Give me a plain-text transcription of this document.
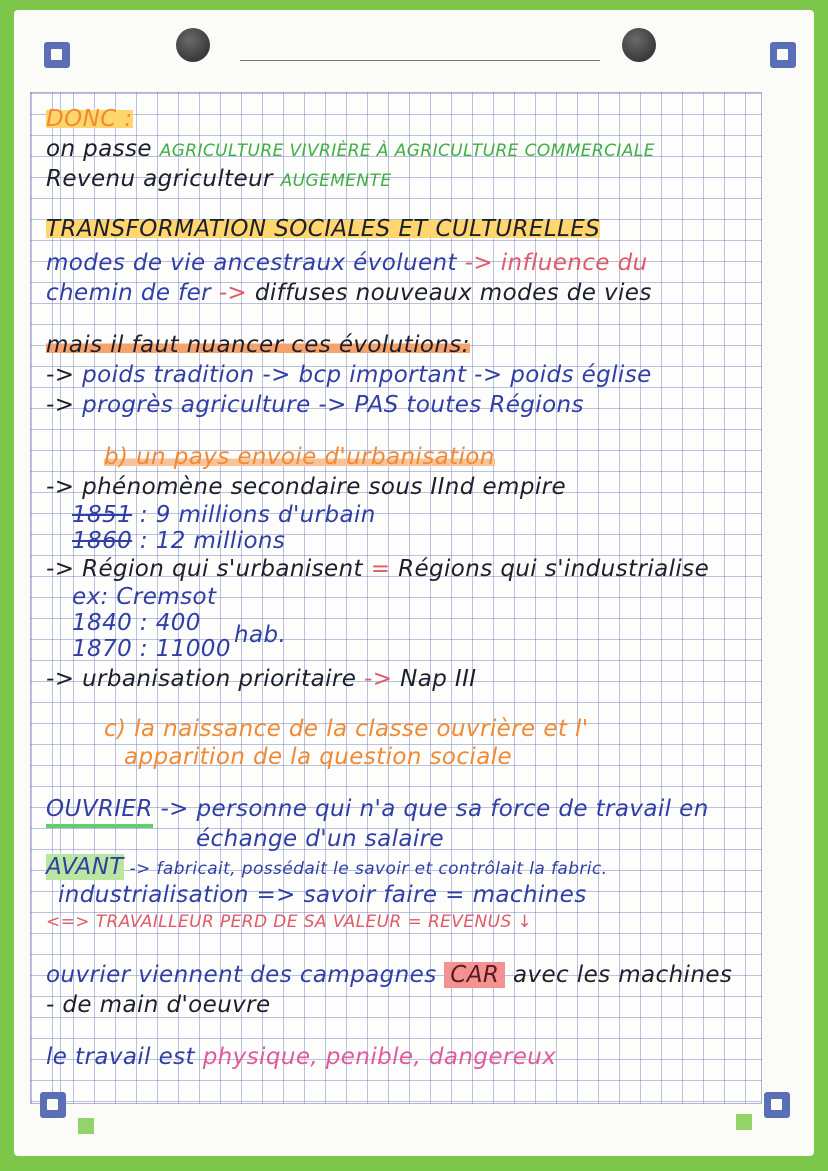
DONC :
on passe AGRICULTURE VIVRIÈRE À AGRICULTURE COMMERCIALE
Revenu agriculteur AUGEMENTE
TRANSFORMATION SOCIALES ET CULTURELLES
modes de vie ancestraux évoluent -> influence du
chemin de fer -> diffuses nouveaux modes de vies
mais il faut nuancer ces évolutions:
-> poids tradition -> bcp important -> poids église
-> progrès agriculture -> PAS toutes Régions
b) un pays envoie d'urbanisation
-> phénomène secondaire sous IInd empire
1851 : 9 millions d'urbain
1860 : 12 millions
-> Région qui s'urbanisent = Régions qui s'industrialise
ex: Cremsot
1840 : 400 hab.
1870 : 11000
-> urbanisation prioritaire -> Nap III
c) la naissance de la classe ouvrière et l'
apparition de la question sociale
OUVRIER -> personne qui n'a que sa force de travail en
échange d'un salaire
AVANT -> fabricait, possédait le savoir et contrôlait la fabric.
industrialisation => savoir faire = machines
<=> TRAVAILLEUR PERD DE SA VALEUR = REVENUS ↓
ouvrier viennent des campagnes CAR avec les machines
- de main d'oeuvre
le travail est physique, penible, dangereux
